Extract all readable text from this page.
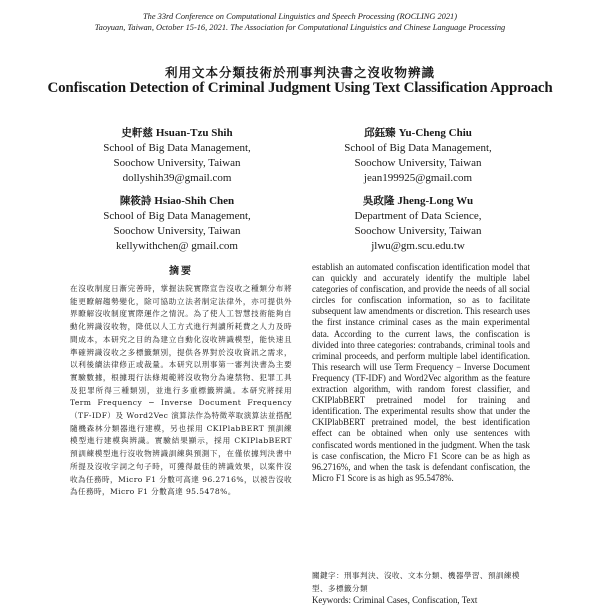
The 33rd Conference on Computational Linguistics and Speech Processing (ROCLING 2021)
Taoyuan, Taiwan, October 15-16, 2021. The Association for Computational Linguistics and Chinese Language Processing
利用文本分類技術於刑事判決書之沒收物辨識
Confiscation Detection of Criminal Judgment Using Text Classification Approach
史軒慈 Hsuan-Tzu Shih
School of Big Data Management,
Soochow University, Taiwan
dollyshih39@gmail.com
邱鈺臻 Yu-Cheng Chiu
School of Big Data Management,
Soochow University, Taiwan
jean199925@gmail.com
陳筱詩 Hsiao-Shih Chen
School of Big Data Management,
Soochow University, Taiwan
kellywithchen@ gmail.com
吳政隆 Jheng-Long Wu
Department of Data Science,
Soochow University, Taiwan
jlwu@gm.scu.edu.tw
摘要
在沒收制度日漸完善時，掌握法院實際宣告沒收之種類分布將能更瞭解趨勢變化，除可協助立法者制定法律外，亦可提供外界瞭解沒收制度實際運作之情況。為了使人工智慧技術能夠自動化辨識沒收物，降低以人工方式進行判讀所耗費之人力及時間成本，本研究之目的為建立自動化沒收辨識模型，能快速且準確辨識沒收之多標籤類別，提供各界對於沒收資訊之需求，以利後續法律修正或裁量。本研究以刑事第一審判決書為主要實驗數據，根據現行法條規範將沒收物分為違禁物、犯罪工具及犯罪所得三種類別，並進行多重標籤辨識。本研究將採用 Term Frequency − Inverse Document Frequency（TF-IDF）及 Word2Vec 演算法作為特徵萃取演算法並搭配隨機森林分類器進行建模，另也採用 CKIPlabBERT 預訓練模型進行建模與辨識。實驗結果顯示，採用 CKIPlabBERT 預訓練模型進行沒收物辨識訓練與預測下，在僅依據判決書中所提及沒收字詞之句子時，可獲得最佳的辨識效果，以案件沒收為任務時，Micro F1 分數可高達 96.2716%，以被告沒收為任務時，Micro F1 分數高達 95.5478%。
establish an automated confiscation identification model that can quickly and accurately identify the multiple label categories of confiscation, and provide the needs of all social circles for confiscation information, so as to facilitate subsequent law amendments or discretion. This research uses the first instance criminal cases as the main experimental data. According to the current laws, the confiscation is divided into three categories: contrabands, criminal tools and criminal proceeds, and perform multiple label identification. This research will use Term Frequency − Inverse Document Frequency (TF-IDF) and Word2Vec algorithm as the feature extraction algorithm, with random forest classifier, and CKIPlabBERT pretrained model for training and identification. The experimental results show that under the CKIPlabBERT pretrained model, the best identification effect can be obtained when only use sentences with confiscated words mentioned in the judgment. When the task is case confiscation, the Micro F1 Score can be as high as 96.2716%, and when the task is defendant confiscation, the Micro F1 Score is as high as 95.5478%.
關鍵字：刑事判決、沒收、文本分類、機器學習、預訓練模型、多標籤分類
Keywords: Criminal Cases, Confiscation, Text
